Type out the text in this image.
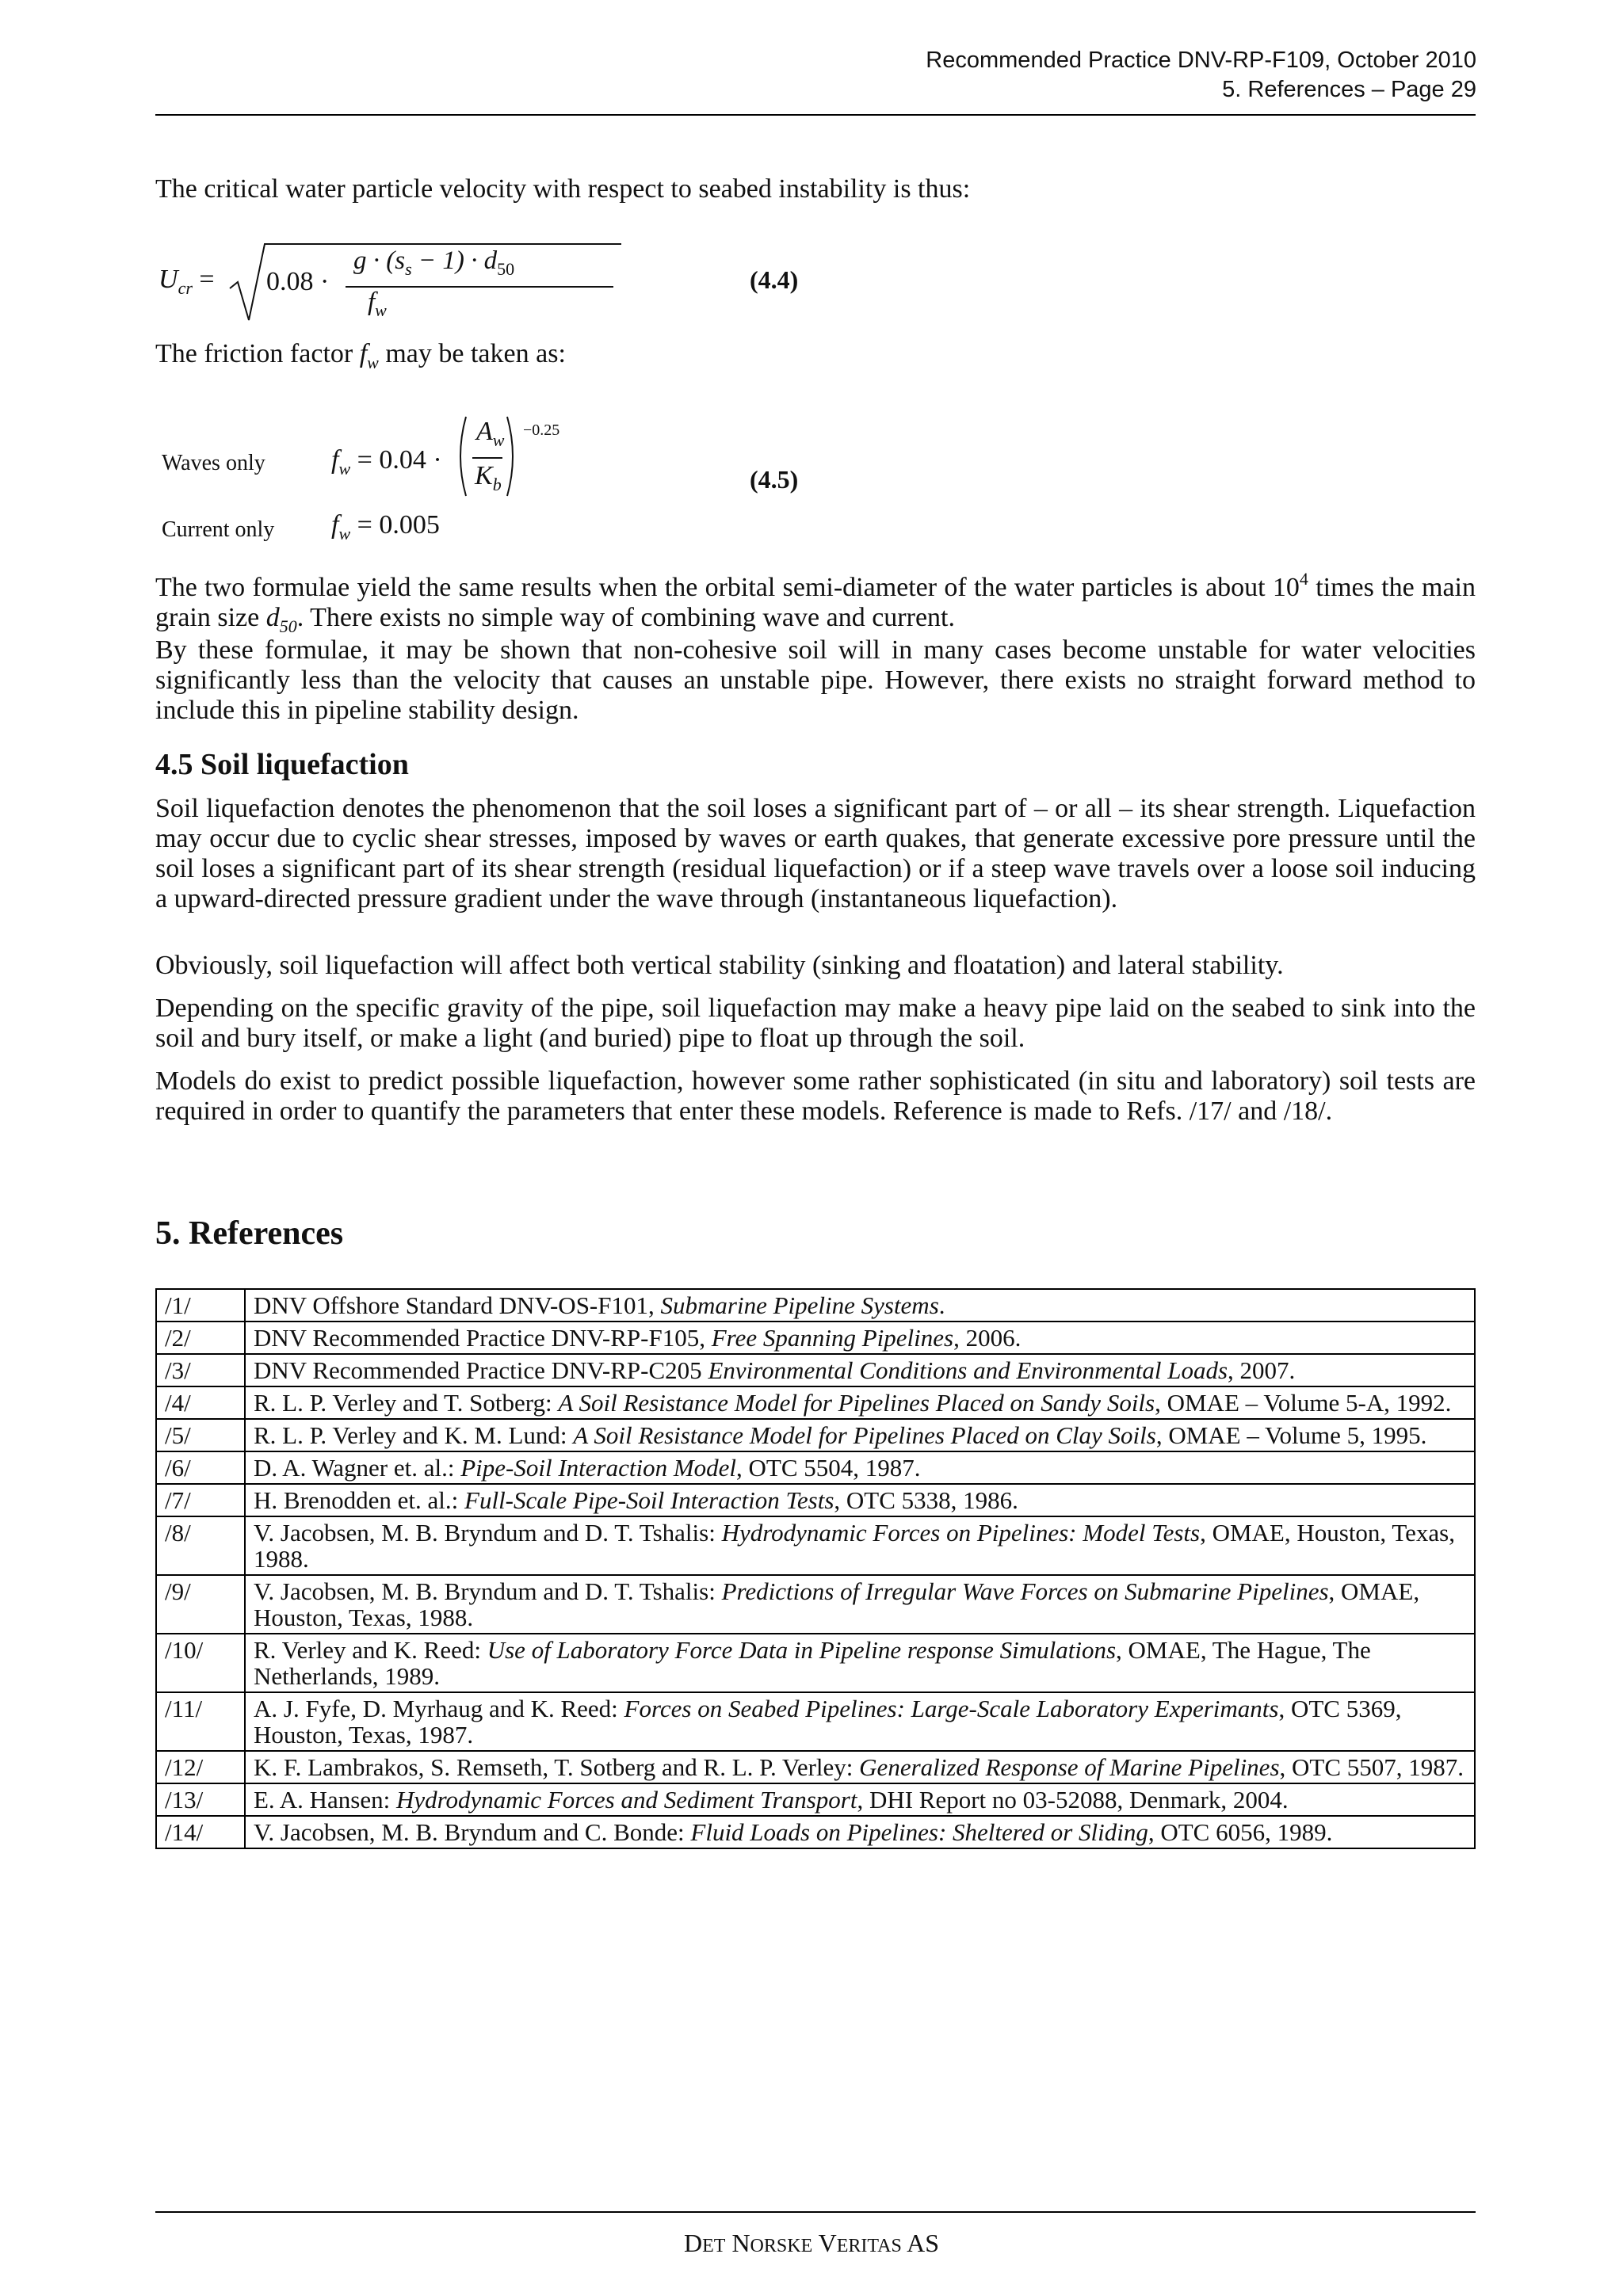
Recommended Practice DNV-RP-F109, October 2010
5. References – Page 29

The critical water particle velocity with respect to seabed instability is thus:

$U_{cr} = 0.08$ ·
$g \cdot (s_s - 1) \cdot d_{50}$
$f_w$
(4.4)

The friction factor $f_w$ may be taken as:

Waves only $f_w = 0.04$ ·
$A_w$
$K_b$
−0.25
(4.5)
Current only $f_w = 0.005$

The two formulae yield the same results when the orbital semi-diameter of the water particles is about $10^4$ times the main grain size $d_{50}$. There exists no simple way of combining wave and current.

By these formulae, it may be shown that non-cohesive soil will in many cases become unstable for water velocities significantly less than the velocity that causes an unstable pipe. However, there exists no straight forward method to include this in pipeline stability design.

4.5 Soil liquefaction

Soil liquefaction denotes the phenomenon that the soil loses a significant part of – or all – its shear strength. Liquefaction may occur due to cyclic shear stresses, imposed by waves or earth quakes, that generate excessive pore pressure until the soil loses a significant part of its shear strength (residual liquefaction) or if a steep wave travels over a loose soil inducing a upward-directed pressure gradient under the wave through (instantaneous liquefaction).

Obviously, soil liquefaction will affect both vertical stability (sinking and floatation) and lateral stability.

Depending on the specific gravity of the pipe, soil liquefaction may make a heavy pipe laid on the seabed to sink into the soil and bury itself, or make a light (and buried) pipe to float up through the soil.

Models do exist to predict possible liquefaction, however some rather sophisticated (in situ and laboratory) soil tests are required in order to quantify the parameters that enter these models. Reference is made to Refs. /17/ and /18/.

5. References
/1/	DNV Offshore Standard DNV-OS-F101, Submarine Pipeline Systems.
/2/	DNV Recommended Practice DNV-RP-F105, Free Spanning Pipelines, 2006.
/3/	DNV Recommended Practice DNV-RP-C205 Environmental Conditions and Environmental Loads, 2007.
/4/	R. L. P. Verley and T. Sotberg: A Soil Resistance Model for Pipelines Placed on Sandy Soils, OMAE – Volume 5-A, 1992.
/5/	R. L. P. Verley and K. M. Lund: A Soil Resistance Model for Pipelines Placed on Clay Soils, OMAE – Volume 5, 1995.
/6/	D. A. Wagner et. al.: Pipe-Soil Interaction Model, OTC 5504, 1987.
/7/	H. Brenodden et. al.: Full-Scale Pipe-Soil Interaction Tests, OTC 5338, 1986.
/8/	V. Jacobsen, M. B. Bryndum and D. T. Tshalis: Hydrodynamic Forces on Pipelines: Model Tests, OMAE, Houston, Texas, 1988.
/9/	V. Jacobsen, M. B. Bryndum and D. T. Tshalis: Predictions of Irregular Wave Forces on Submarine Pipelines, OMAE, Houston, Texas, 1988.
/10/	R. Verley and K. Reed: Use of Laboratory Force Data in Pipeline response Simulations, OMAE, The Hague, The Netherlands, 1989.
/11/	A. J. Fyfe, D. Myrhaug and K. Reed: Forces on Seabed Pipelines: Large-Scale Laboratory Experimants, OTC 5369, Houston, Texas, 1987.
/12/	K. F. Lambrakos, S. Remseth, T. Sotberg and R. L. P. Verley: Generalized Response of Marine Pipelines, OTC 5507, 1987.
/13/	E. A. Hansen: Hydrodynamic Forces and Sediment Transport, DHI Report no 03-52088, Denmark, 2004.
/14/	V. Jacobsen, M. B. Bryndum and C. Bonde: Fluid Loads on Pipelines: Sheltered or Sliding, OTC 6056, 1989.
DET NORSKE VERITAS AS
